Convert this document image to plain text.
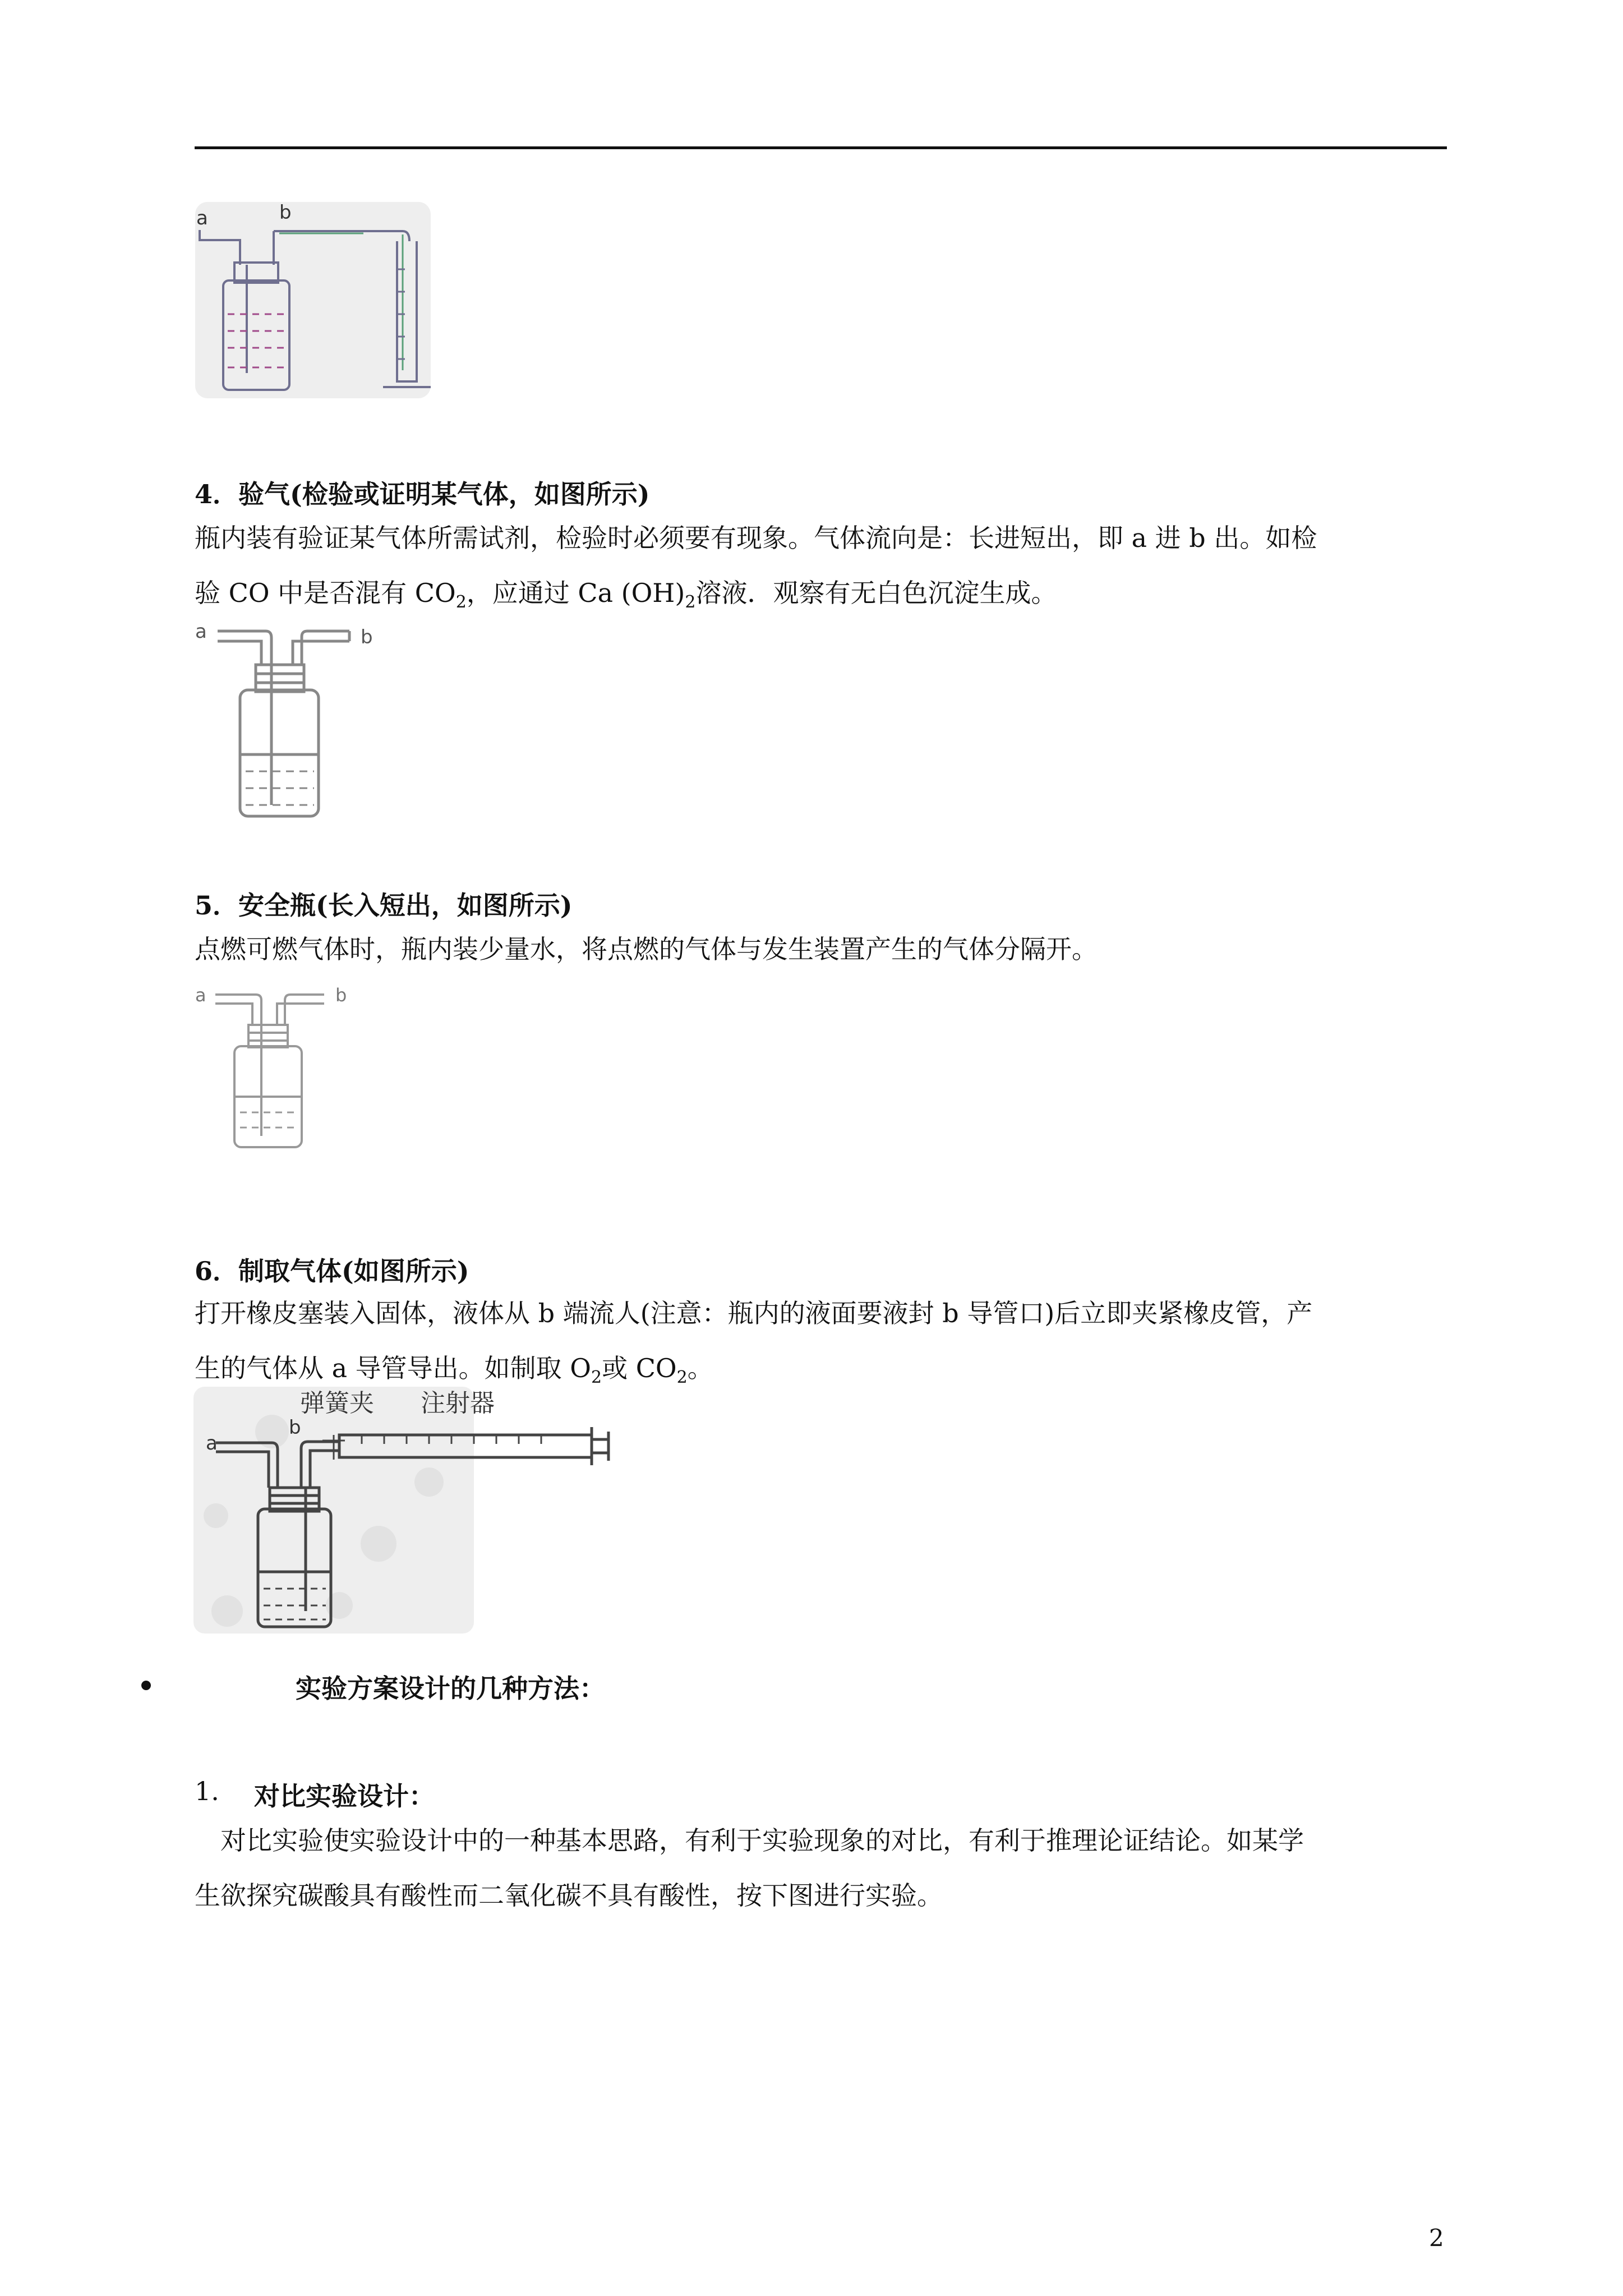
a	b
4．验气(检验或证明某气体，如图所示)

瓶内装有验证某气体所需试剂，检验时必须要有现象。气体流向是：长进短出，即 a 进 b 出。如检

验 CO 中是否混有 $CO_2$，应通过 Ca $(OH)_2$溶液．观察有无白色沉淀生成。

a	b
5．安全瓶(长入短出，如图所示)

点燃可燃气体时，瓶内装少量水，将点燃的气体与发生装置产生的气体分隔开。

a	b
6．制取气体(如图所示)

打开橡皮塞装入固体，液体从 b 端流人(注意：瓶内的液面要液封 b 导管口)后立即夹紧橡皮管，产

生的气体从 a 导管导出。如制取 $O_2$或 $CO_2$。

a
b
弹簧夹 注射器
实验方案设计的几种方法：
1. 对比实验设计：

对比实验使实验设计中的一种基本思路，有利于实验现象的对比，有利于推理论证结论。如某学

生欲探究碳酸具有酸性而二氧化碳不具有酸性，按下图进行实验。

2
